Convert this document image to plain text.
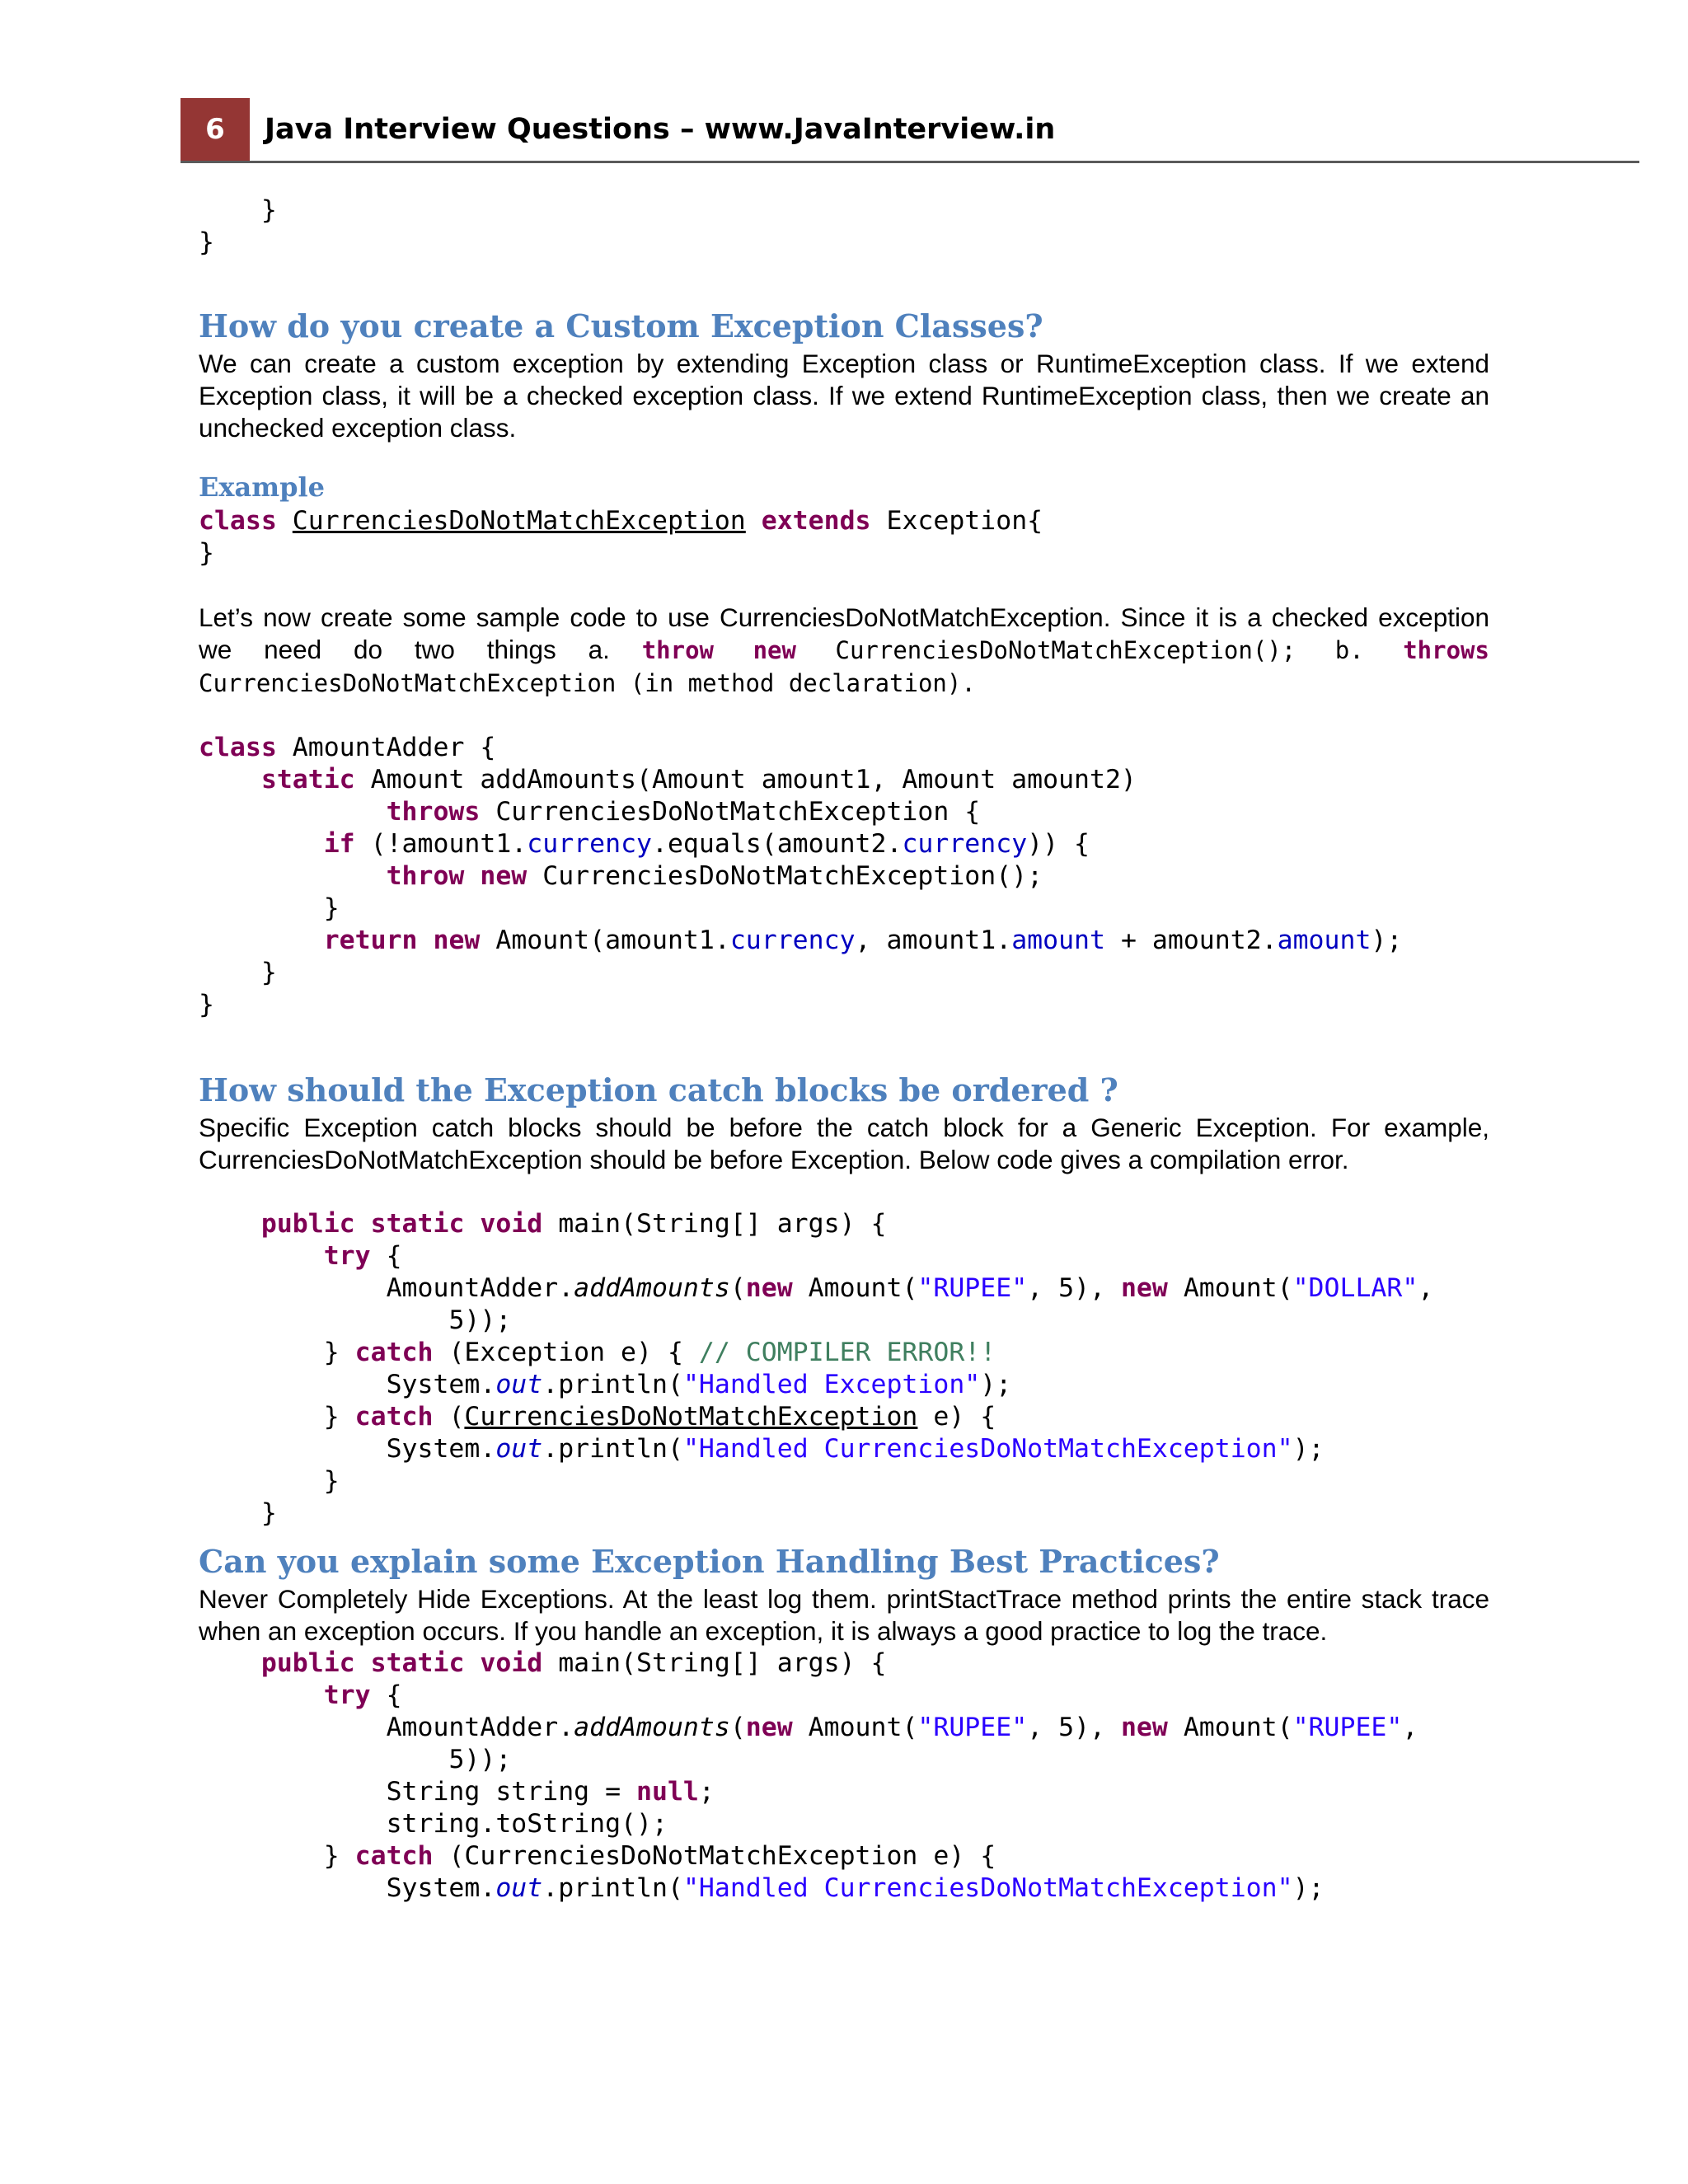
6	Java Interview Questions – www.JavaInterview.in
}
}
How do you create a Custom Exception Classes?

We can create a custom exception by extending Exception class or RuntimeException class. If we extend Exception class, it will be a checked exception class. If we extend RuntimeException class, then we create an unchecked exception class.

Example
class CurrenciesDoNotMatchException extends Exception{
}

Let’s now create some sample code to use CurrenciesDoNotMatchException. Since it is a checked exception we need do two things a. throw new CurrenciesDoNotMatchException(); b. throws CurrenciesDoNotMatchException (in method declaration).

class AmountAdder {
static Amount addAmounts(Amount amount1, Amount amount2)
throws CurrenciesDoNotMatchException {
if (!amount1.currency.equals(amount2.currency)) {
throw new CurrenciesDoNotMatchException();
}
return new Amount(amount1.currency, amount1.amount + amount2.amount);
}
}
How should the Exception catch blocks be ordered ?

Specific Exception catch blocks should be before the catch block for a Generic Exception. For example, CurrenciesDoNotMatchException should be before Exception. Below code gives a compilation error.

public static void main(String[] args) {
try {
AmountAdder.addAmounts(new Amount("RUPEE", 5), new Amount("DOLLAR",
5));
} catch (Exception e) { // COMPILER ERROR!!
System.out.println("Handled Exception");
} catch (CurrenciesDoNotMatchException e) {
System.out.println("Handled CurrenciesDoNotMatchException");
}
}
Can you explain some Exception Handling Best Practices?

Never Completely Hide Exceptions. At the least log them. printStactTrace method prints the entire stack trace when an exception occurs. If you handle an exception, it is always a good practice to log the trace.

public static void main(String[] args) {
try {
AmountAdder.addAmounts(new Amount("RUPEE", 5), new Amount("RUPEE",
5));
String string = null;
string.toString();
} catch (CurrenciesDoNotMatchException e) {
System.out.println("Handled CurrenciesDoNotMatchException");
